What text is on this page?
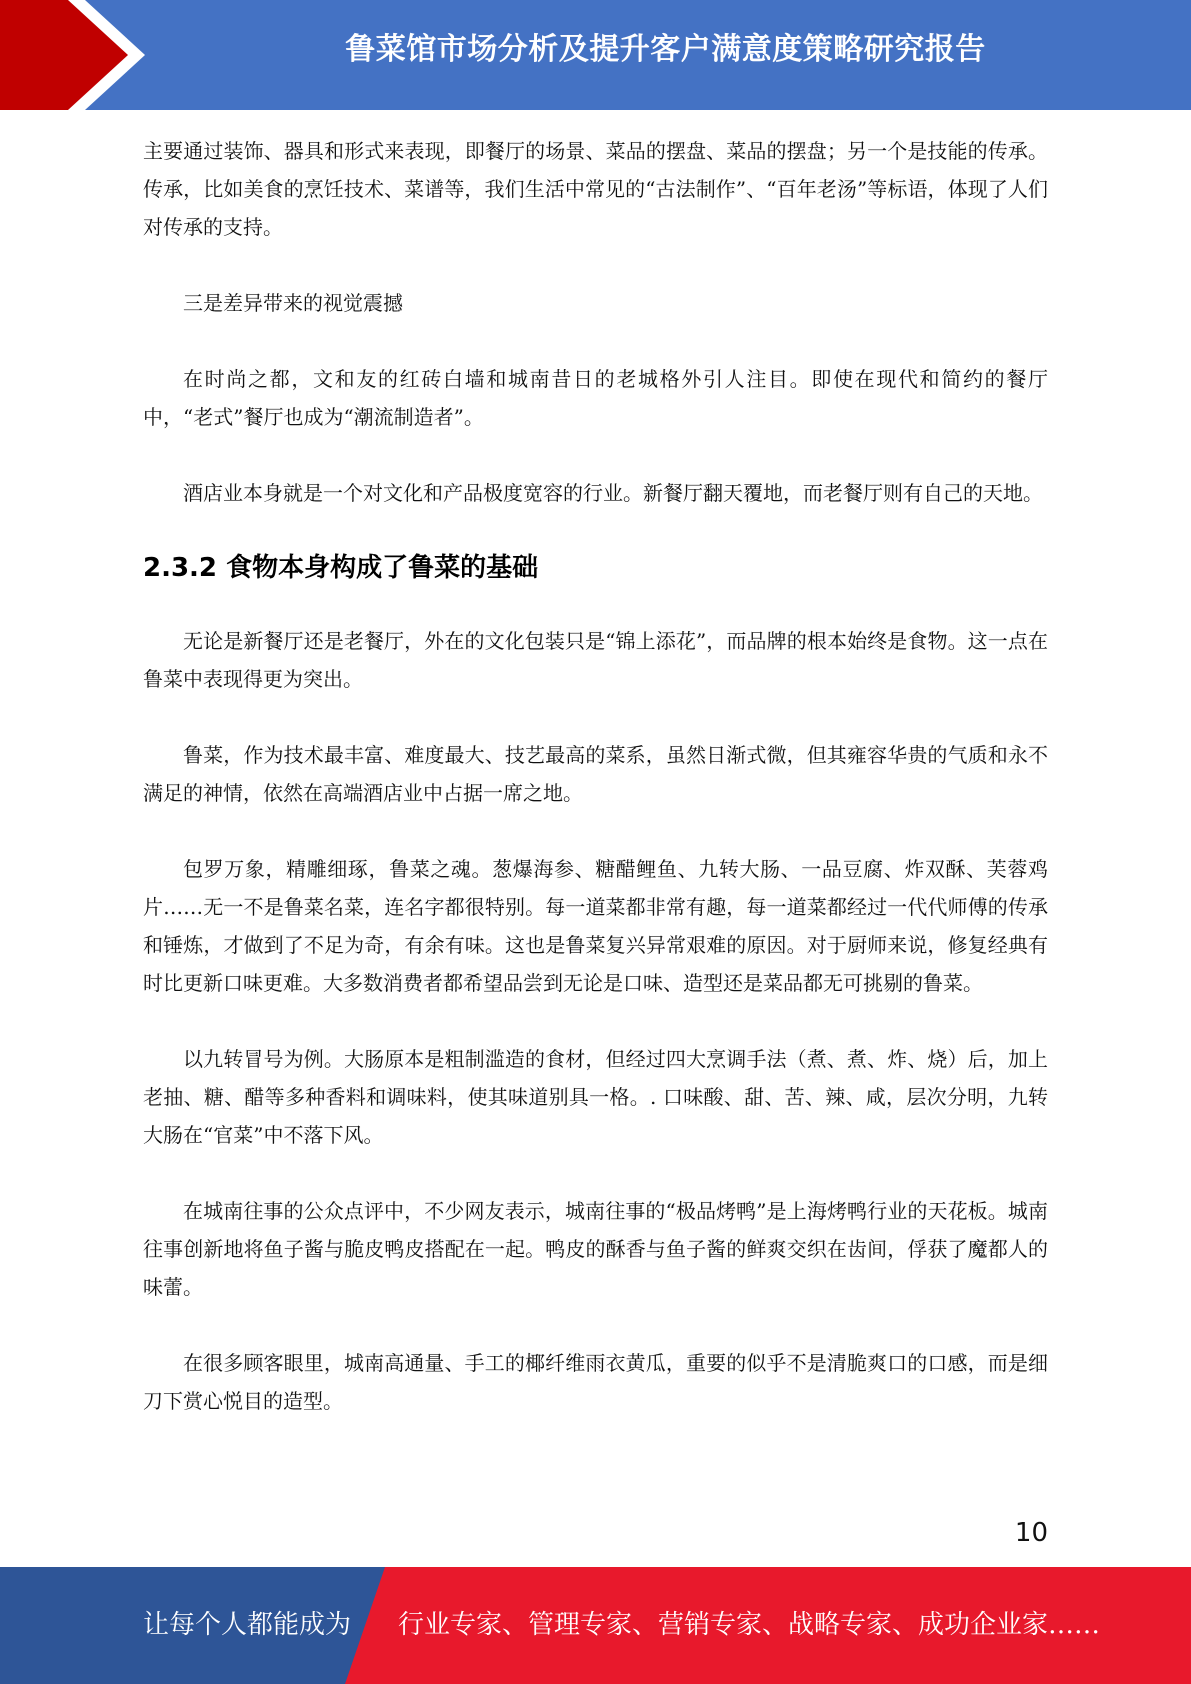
鲁菜馆市场分析及提升客户满意度策略研究报告

主要通过装饰、器具和形式来表现，即餐厅的场景、菜品的摆盘、菜品的摆盘；另一个是技能的传承。传承，比如美食的烹饪技术、菜谱等，我们生活中常见的“古法制作”、“百年老汤”等标语，体现了人们对传承的支持。

三是差异带来的视觉震撼

在时尚之都，文和友的红砖白墙和城南昔日的老城格外引人注目。即使在现代和简约的餐厅中，“老式”餐厅也成为“潮流制造者”。

酒店业本身就是一个对文化和产品极度宽容的行业。新餐厅翻天覆地，而老餐厅则有自己的天地。

2.3.2 食物本身构成了鲁菜的基础

无论是新餐厅还是老餐厅，外在的文化包装只是“锦上添花”，而品牌的根本始终是食物。这一点在鲁菜中表现得更为突出。

鲁菜，作为技术最丰富、难度最大、技艺最高的菜系，虽然日渐式微，但其雍容华贵的气质和永不满足的神情，依然在高端酒店业中占据一席之地。

包罗万象，精雕细琢，鲁菜之魂。葱爆海参、糖醋鲤鱼、九转大肠、一品豆腐、炸双酥、芙蓉鸡片……无一不是鲁菜名菜，连名字都很特别。每一道菜都非常有趣，每一道菜都经过一代代师傅的传承和锤炼，才做到了不足为奇，有余有味。这也是鲁菜复兴异常艰难的原因。对于厨师来说，修复经典有时比更新口味更难。大多数消费者都希望品尝到无论是口味、造型还是菜品都无可挑剔的鲁菜。

以九转冒号为例。大肠原本是粗制滥造的食材，但经过四大烹调手法（煮、煮、炸、烧）后，加上老抽、糖、醋等多种香料和调味料，使其味道别具一格。. 口味酸、甜、苦、辣、咸，层次分明，九转大肠在“官菜”中不落下风。

在城南往事的公众点评中，不少网友表示，城南往事的“极品烤鸭”是上海烤鸭行业的天花板。城南往事创新地将鱼子酱与脆皮鸭皮搭配在一起。鸭皮的酥香与鱼子酱的鲜爽交织在齿间，俘获了魔都人的味蕾。

在很多顾客眼里，城南高通量、手工的椰纤维雨衣黄瓜，重要的似乎不是清脆爽口的口感，而是细刀下赏心悦目的造型。

10
让每个人都能成为 行业专家、管理专家、营销专家、战略专家、成功企业家……
